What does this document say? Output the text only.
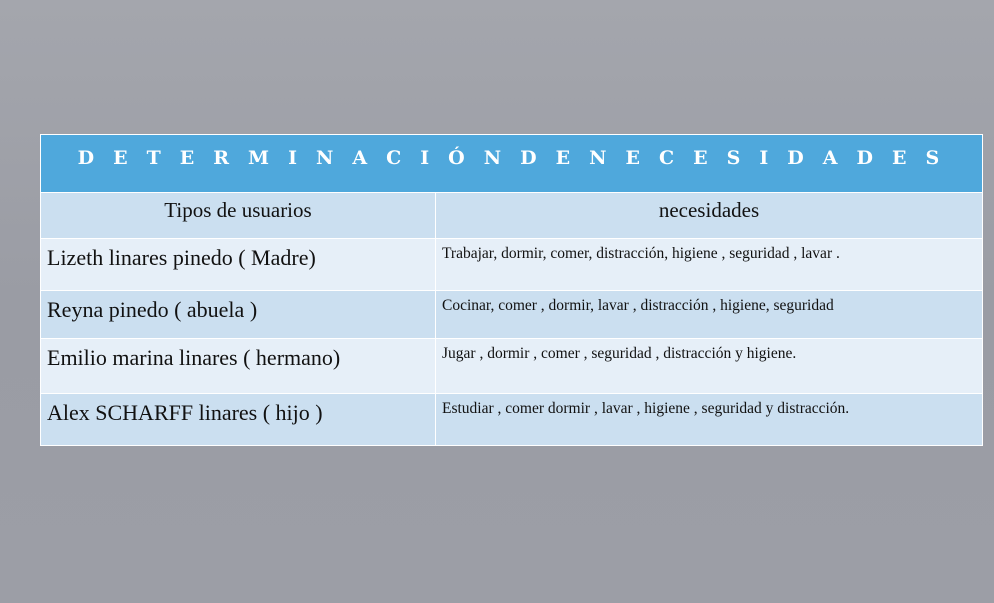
D E T E R M I N A C I Ó N D E N E C E S I D A D E S	
Tipos de usuarios	necesidades
Lizeth linares pinedo ( Madre)	Trabajar, dormir, comer, distracción, higiene , seguridad , lavar .
Reyna pinedo ( abuela )	Cocinar, comer , dormir, lavar , distracción , higiene, seguridad
Emilio marina linares ( hermano)	Jugar , dormir , comer , seguridad , distracción y higiene.
Alex SCHARFF linares ( hijo )	Estudiar , comer dormir , lavar , higiene , seguridad y distracción.
